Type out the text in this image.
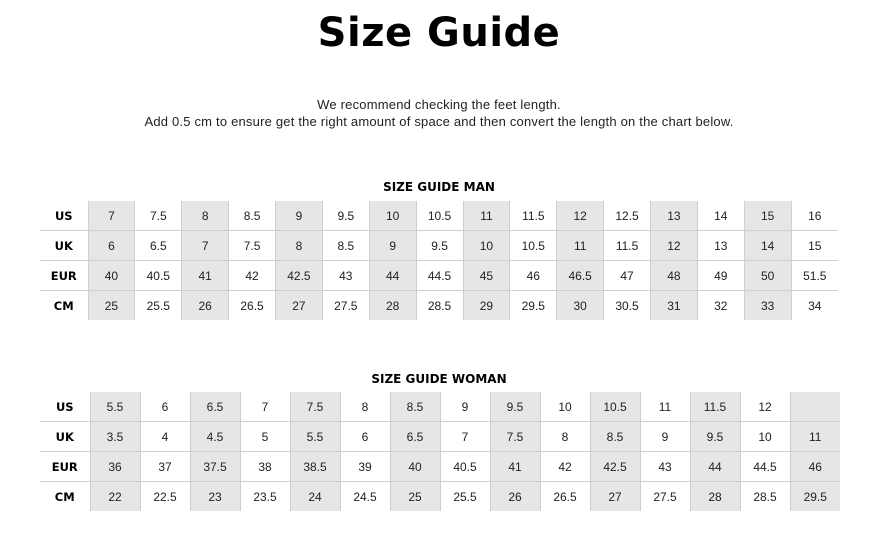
Size Guide
We recommend checking the feet length.
Add 0.5 cm to ensure get the right amount of space and then convert the length on the chart below.
SIZE GUIDE MAN
US	7	7.5	8	8.5	9	9.5	10	10.5	11	11.5	12	12.5	13	14	15	16
UK	6	6.5	7	7.5	8	8.5	9	9.5	10	10.5	11	11.5	12	13	14	15
EUR	40	40.5	41	42	42.5	43	44	44.5	45	46	46.5	47	48	49	50	51.5
CM	25	25.5	26	26.5	27	27.5	28	28.5	29	29.5	30	30.5	31	32	33	34
SIZE GUIDE WOMAN
US	5.5	6	6.5	7	7.5	8	8.5	9	9.5	10	10.5	11	11.5	12	
UK	3.5	4	4.5	5	5.5	6	6.5	7	7.5	8	8.5	9	9.5	10	11
EUR	36	37	37.5	38	38.5	39	40	40.5	41	42	42.5	43	44	44.5	46
CM	22	22.5	23	23.5	24	24.5	25	25.5	26	26.5	27	27.5	28	28.5	29.5
